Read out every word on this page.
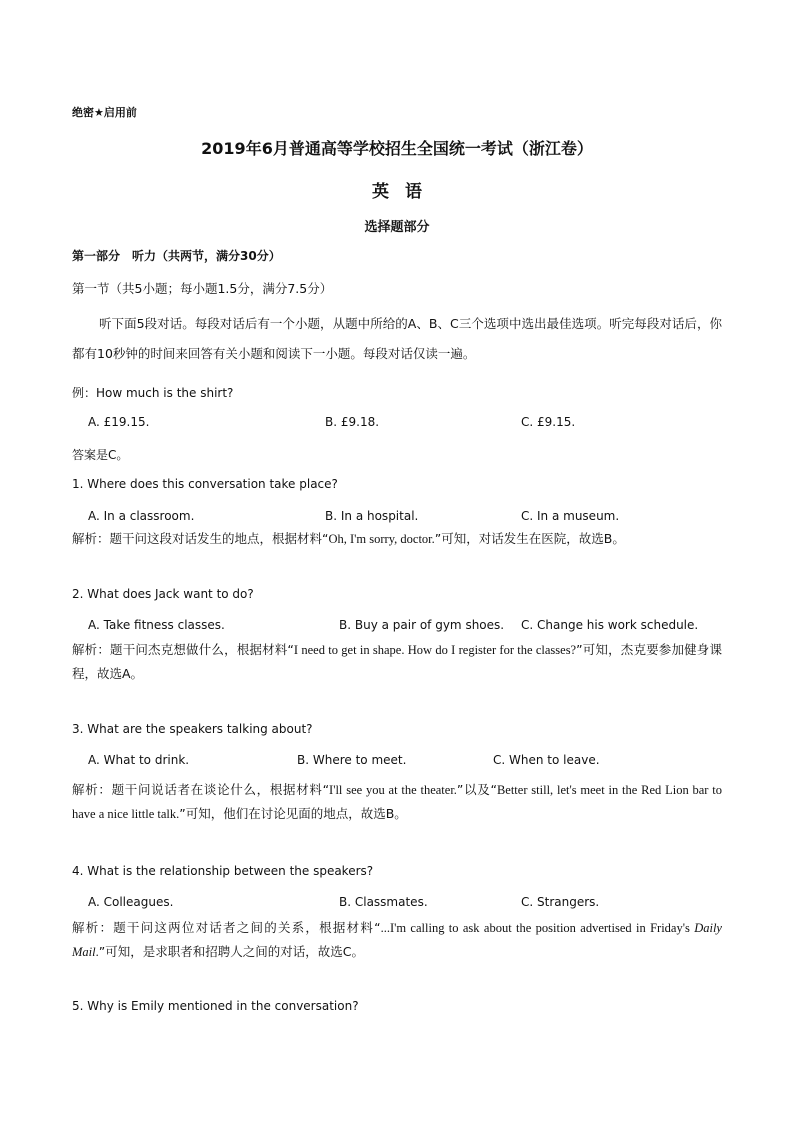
绝密★启用前
2019年6月普通高等学校招生全国统一考试（浙江卷）
英语
选择题部分
第一部分　听力（共两节，满分30分）
第一节（共5小题；每小题1.5分，满分7.5分）
听下面5段对话。每段对话后有一个小题，从题中所给的A、B、C三个选项中选出最佳选项。听完每段对话后，你都有10秒钟的时间来回答有关小题和阅读下一小题。每段对话仅读一遍。
例：How much is the shirt?
A. £19.15.	B. £9.18.	C. £9.15.
答案是C。
1. Where does this conversation take place?
A. In a classroom.	B. In a hospital.	C. In a museum.
解析：题干问这段对话发生的地点，根据材料“Oh, I'm sorry, doctor.”可知，对话发生在医院，故选B。
2. What does Jack want to do?
A. Take fitness classes.	B. Buy a pair of gym shoes. C. Change his work schedule.
解析：题干问杰克想做什么，根据材料“I need to get in shape. How do I register for the classes?”可知，杰克要参加健身课程，故选A。
3. What are the speakers talking about?
A. What to drink.	B. Where to meet.	C. When to leave.
解析：题干问说话者在谈论什么，根据材料“I'll see you at the theater.”以及“Better still, let's meet in the Red Lion bar to have a nice little talk.”可知，他们在讨论见面的地点，故选B。
4. What is the relationship between the speakers?
A. Colleagues.	B. Classmates.	C. Strangers.
解析：题干问这两位对话者之间的关系，根据材料“...I'm calling to ask about the position advertised in Friday's Daily Mail.”可知，是求职者和招聘人之间的对话，故选C。
5. Why is Emily mentioned in the conversation?
